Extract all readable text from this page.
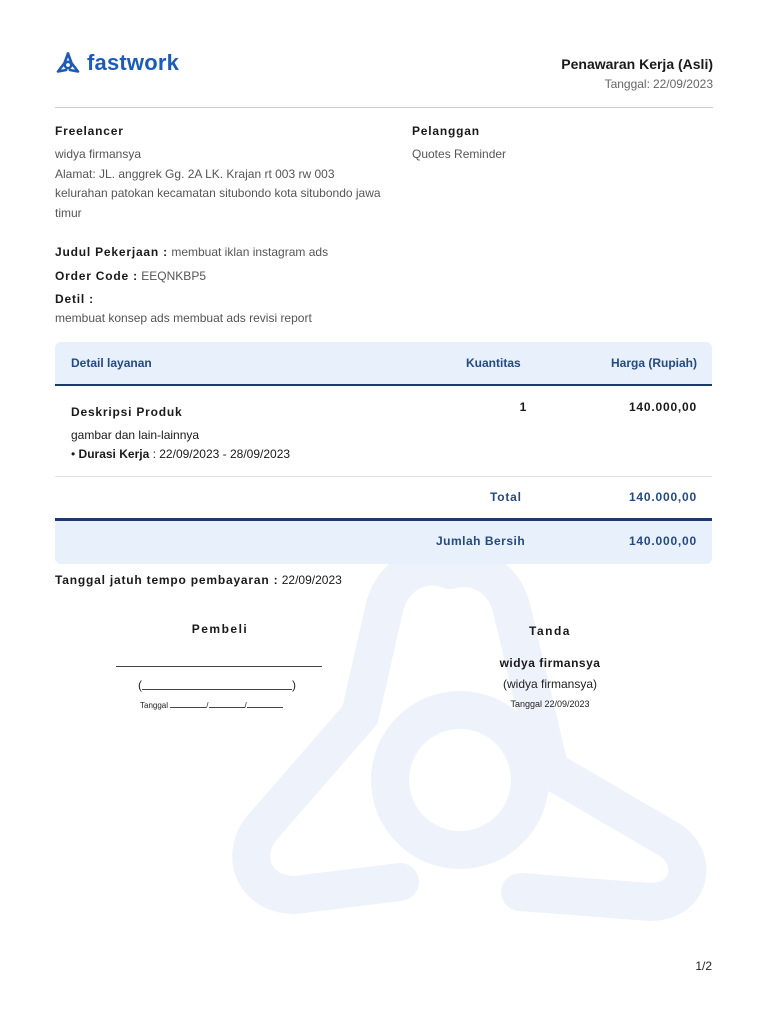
fastwork	Penawaran Kerja (Asli)
Tanggal: 22/09/2023
Freelancer
widya firmansya
Alamat: JL. anggrek Gg. 2A LK. Krajan rt 003 rw 003 kelurahan patokan kecamatan situbondo kota situbondo jawa timur
Pelanggan
Quotes Reminder
Judul Pekerjaan : membuat iklan instagram ads
Order Code : EEQNKBP5
Detil :
membuat konsep ads membuat ads revisi report
Detail layanan	Kuantitas	Harga (Rupiah)
Deskripsi Produk
gambar dan lain-lainnya
• Durasi Kerja : 22/09/2023 - 28/09/2023
1	140.000,00
Total	140.000,00
Jumlah Bersih	140.000,00
Tanggal jatuh tempo pembayaran : 22/09/2023
Pembeli
(	)
Tanggal	/	/
Tanda
widya firmansya
(widya firmansya)
Tanggal 22/09/2023
1/2
